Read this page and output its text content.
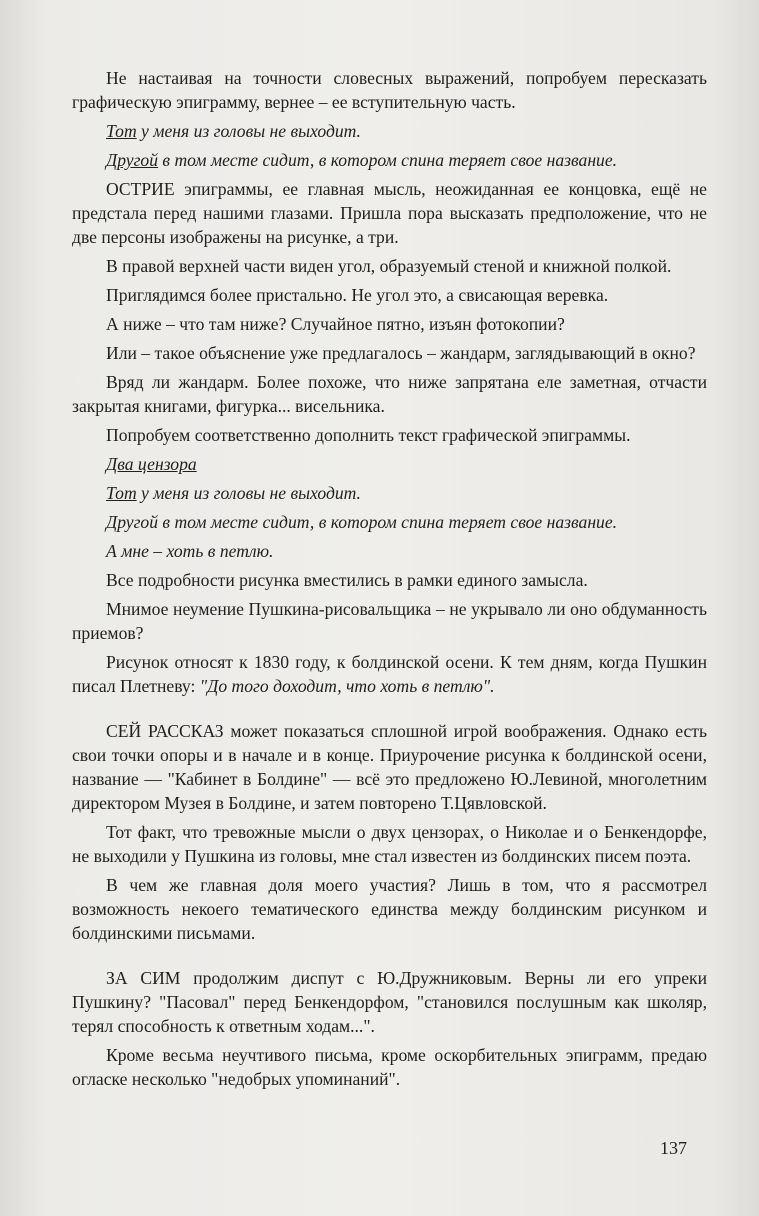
Не настаивая на точности словесных выражений, попробуем пересказать графическую эпиграмму, вернее – ее вступительную часть.

Тот у меня из головы не выходит.

Другой в том месте сидит, в котором спина теряет свое название.

ОСТРИЕ эпиграммы, ее главная мысль, неожиданная ее концовка, ещё не предстала перед нашими глазами. Пришла пора высказать предположение, что не две персоны изображены на рисунке, а три.

В правой верхней части виден угол, образуемый стеной и книжной полкой.

Приглядимся более пристально. Не угол это, а свисающая веревка.

А ниже – что там ниже? Случайное пятно, изъян фотокопии?

Или – такое объяснение уже предлагалось – жандарм, заглядывающий в окно?

Вряд ли жандарм. Более похоже, что ниже запрятана еле заметная, отчасти закрытая книгами, фигурка... висельника.

Попробуем соответственно дополнить текст графической эпиграммы.

Два цензора

Тот у меня из головы не выходит.

Другой в том месте сидит, в котором спина теряет свое название.

А мне – хоть в петлю.

Все подробности рисунка вместились в рамки единого замысла.

Мнимое неумение Пушкина-рисовальщика – не укрывало ли оно обдуманность приемов?

Рисунок относят к 1830 году, к болдинской осени. К тем дням, когда Пушкин писал Плетневу: "До того доходит, что хоть в петлю".

СЕЙ РАССКАЗ может показаться сплошной игрой воображения. Однако есть свои точки опоры и в начале и в конце. Приурочение рисунка к болдинской осени, название — "Кабинет в Болдине" — всё это предложено Ю.Левиной, многолетним директором Музея в Болдине, и затем повторено Т.Цявловской.

Тот факт, что тревожные мысли о двух цензорах, о Николае и о Бенкендорфе, не выходили у Пушкина из головы, мне стал известен из болдинских писем поэта.

В чем же главная доля моего участия? Лишь в том, что я рассмотрел возможность некоего тематического единства между болдинским рисунком и болдинскими письмами.

ЗА СИМ продолжим диспут с Ю.Дружниковым. Верны ли его упреки Пушкину? "Пасовал" перед Бенкендорфом, "становился послушным как школяр, терял способность к ответным ходам...".

Кроме весьма неучтивого письма, кроме оскорбительных эпиграмм, предаю огласке несколько "недобрых упоминаний".

137
